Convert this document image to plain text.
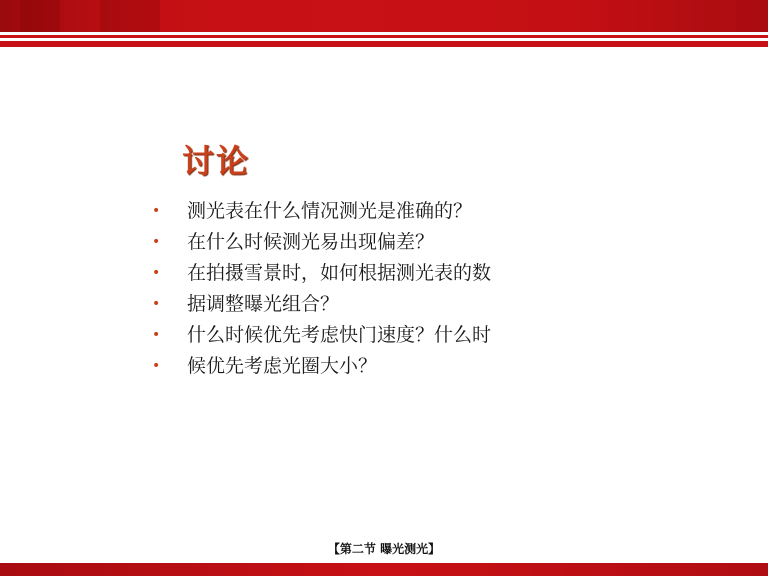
讨论
• 测光表在什么情况测光是准确的？
• 在什么时候测光易出现偏差？
• 在拍摄雪景时，如何根据测光表的数
• 据调整曝光组合？
• 什么时候优先考虑快门速度？什么时
• 候优先考虑光圈大小？
【第二节 曝光测光】
